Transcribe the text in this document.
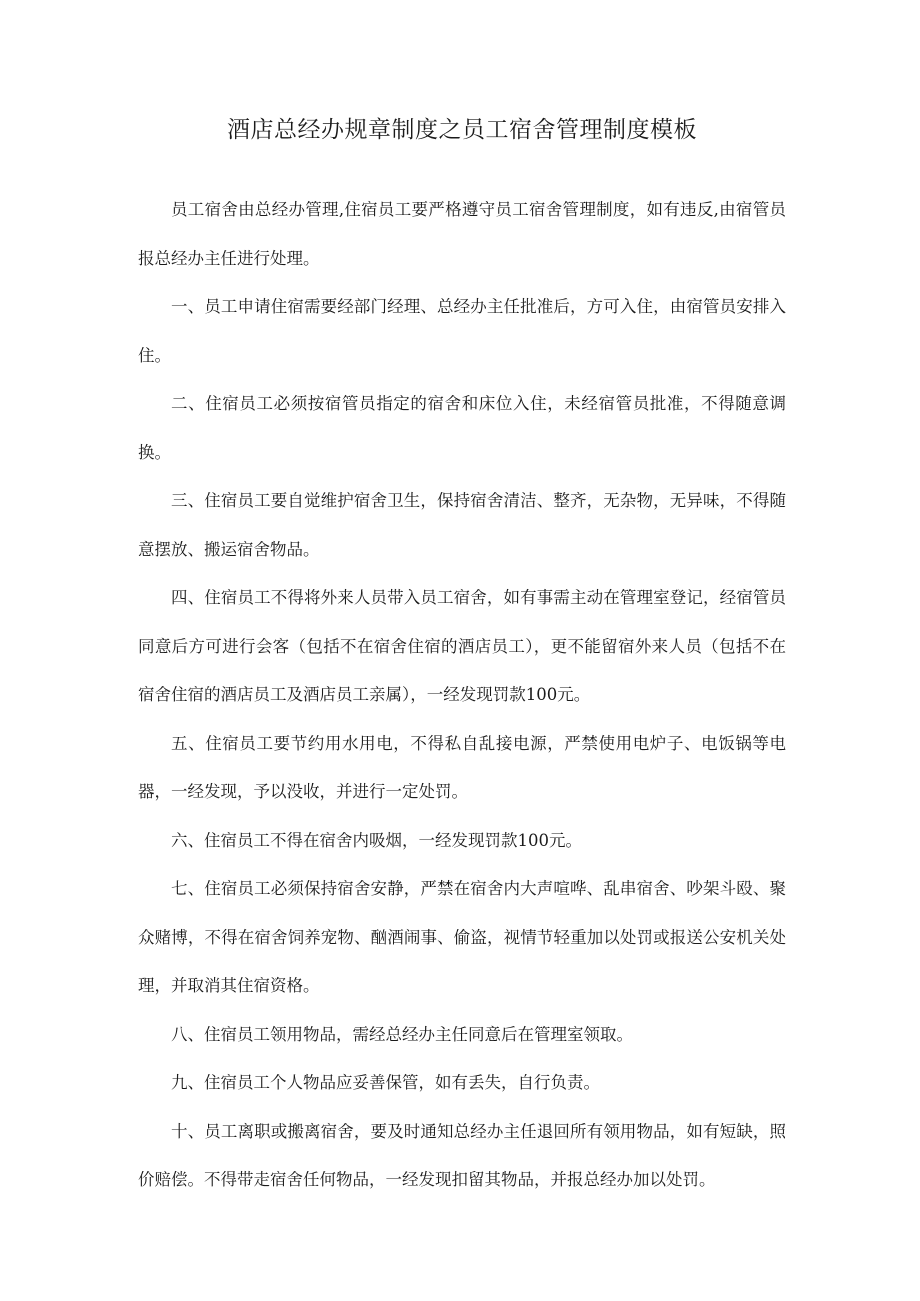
酒店总经办规章制度之员工宿舍管理制度模板

员工宿舍由总经办管理,住宿员工要严格遵守员工宿舍管理制度，如有违反,由宿管员报总经办主任进行处理。

一、员工申请住宿需要经部门经理、总经办主任批准后，方可入住，由宿管员安排入住。

二、住宿员工必须按宿管员指定的宿舍和床位入住，未经宿管员批准，不得随意调换。

三、住宿员工要自觉维护宿舍卫生，保持宿舍清洁、整齐，无杂物，无异味，不得随意摆放、搬运宿舍物品。

四、住宿员工不得将外来人员带入员工宿舍，如有事需主动在管理室登记，经宿管员同意后方可进行会客（包括不在宿舍住宿的酒店员工），更不能留宿外来人员（包括不在宿舍住宿的酒店员工及酒店员工亲属），一经发现罚款100元。

五、住宿员工要节约用水用电，不得私自乱接电源，严禁使用电炉子、电饭锅等电器，一经发现，予以没收，并进行一定处罚。

六、住宿员工不得在宿舍内吸烟，一经发现罚款100元。

七、住宿员工必须保持宿舍安静，严禁在宿舍内大声喧哗、乱串宿舍、吵架斗殴、聚众赌博，不得在宿舍饲养宠物、酗酒闹事、偷盗，视情节轻重加以处罚或报送公安机关处理，并取消其住宿资格。

八、住宿员工领用物品，需经总经办主任同意后在管理室领取。

九、住宿员工个人物品应妥善保管，如有丢失，自行负责。

十、员工离职或搬离宿舍，要及时通知总经办主任退回所有领用物品，如有短缺，照价赔偿。不得带走宿舍任何物品，一经发现扣留其物品，并报总经办加以处罚。
